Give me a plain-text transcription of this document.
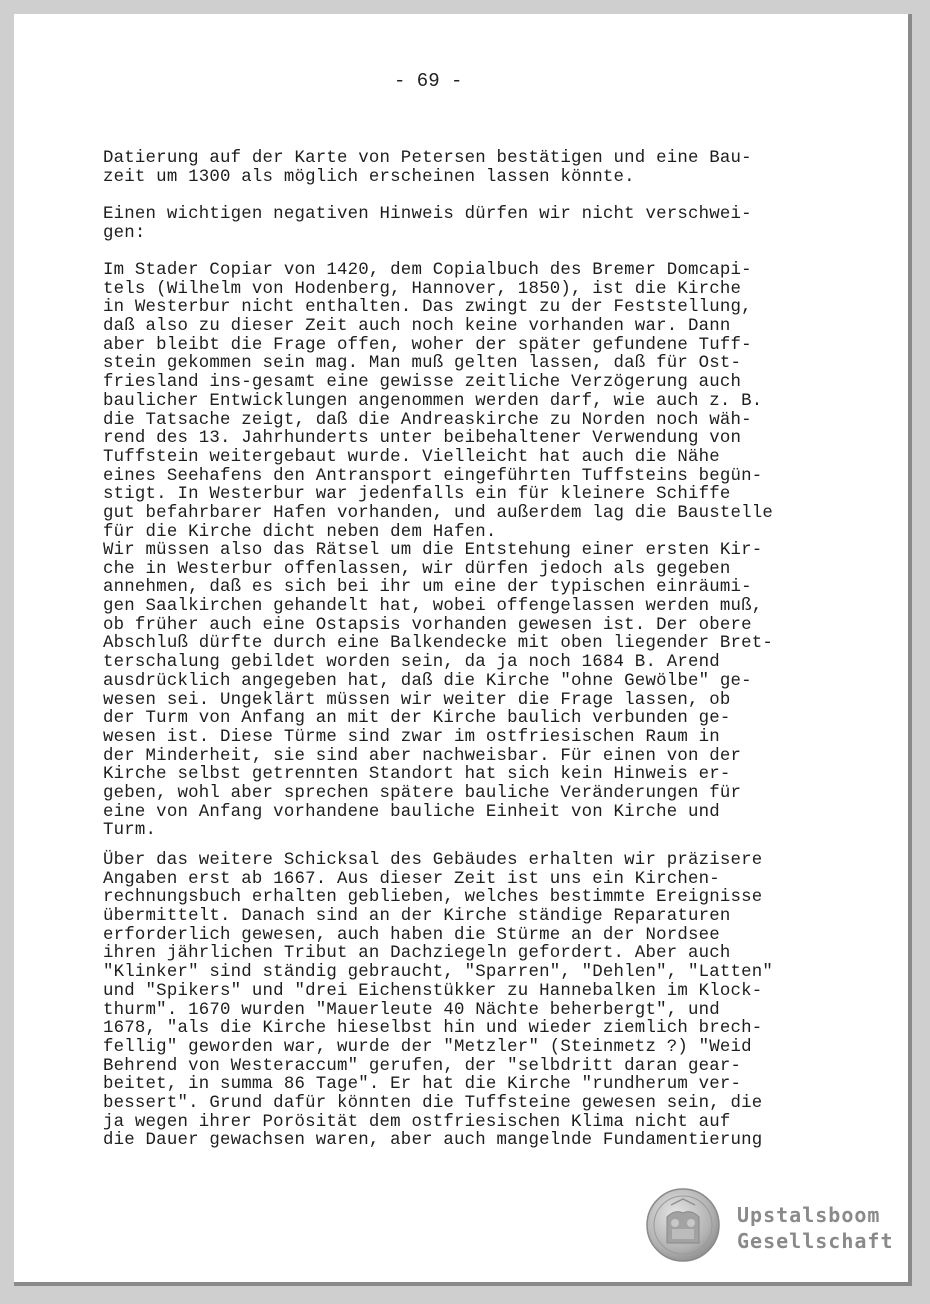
- 69 -
Datierung auf der Karte von Petersen bestätigen und eine Bau-
zeit um 1300 als möglich erscheinen lassen könnte.
Einen wichtigen negativen Hinweis dürfen wir nicht verschwei-
gen:
Im Stader Copiar von 1420, dem Copialbuch des Bremer Domcapi-
tels (Wilhelm von Hodenberg, Hannover, 1850), ist die Kirche
in Westerbur nicht enthalten. Das zwingt zu der Feststellung,
daß also zu dieser Zeit auch noch keine vorhanden war. Dann
aber bleibt die Frage offen, woher der später gefundene Tuff-
stein gekommen sein mag. Man muß gelten lassen, daß für Ost-
friesland ins-gesamt eine gewisse zeitliche Verzögerung auch
baulicher Entwicklungen angenommen werden darf, wie auch z. B.
die Tatsache zeigt, daß die Andreaskirche zu Norden noch wäh-
rend des 13. Jahrhunderts unter beibehaltener Verwendung von
Tuffstein weitergebaut wurde. Vielleicht hat auch die Nähe
eines Seehafens den Antransport eingeführten Tuffsteins begün-
stigt. In Westerbur war jedenfalls ein für kleinere Schiffe
gut befahrbarer Hafen vorhanden, und außerdem lag die Baustelle
für die Kirche dicht neben dem Hafen.
Wir müssen also das Rätsel um die Entstehung einer ersten Kir-
che in Westerbur offenlassen, wir dürfen jedoch als gegeben
annehmen, daß es sich bei ihr um eine der typischen einräumi-
gen Saalkirchen gehandelt hat, wobei offengelassen werden muß,
ob früher auch eine Ostapsis vorhanden gewesen ist. Der obere
Abschluß dürfte durch eine Balkendecke mit oben liegender Bret-
terschalung gebildet worden sein, da ja noch 1684 B. Arend
ausdrücklich angegeben hat, daß die Kirche "ohne Gewölbe" ge-
wesen sei. Ungeklärt müssen wir weiter die Frage lassen, ob
der Turm von Anfang an mit der Kirche baulich verbunden ge-
wesen ist. Diese Türme sind zwar im ostfriesischen Raum in
der Minderheit, sie sind aber nachweisbar. Für einen von der
Kirche selbst getrennten Standort hat sich kein Hinweis er-
geben, wohl aber sprechen spätere bauliche Veränderungen für
eine von Anfang vorhandene bauliche Einheit von Kirche und
Turm.
Über das weitere Schicksal des Gebäudes erhalten wir präzisere
Angaben erst ab 1667. Aus dieser Zeit ist uns ein Kirchen-
rechnungsbuch erhalten geblieben, welches bestimmte Ereignisse
übermittelt. Danach sind an der Kirche ständige Reparaturen
erforderlich gewesen, auch haben die Stürme an der Nordsee
ihren jährlichen Tribut an Dachziegeln gefordert. Aber auch
"Klinker" sind ständig gebraucht, "Sparren", "Dehlen", "Latten"
und "Spikers" und "drei Eichenstükker zu Hannebalken im Klock-
thurm". 1670 wurden "Mauerleute 40 Nächte beherbergt", und
1678, "als die Kirche hieselbst hin und wieder ziemlich brech-
fellig" geworden war, wurde der "Metzler" (Steinmetz ?) "Weid
Behrend von Westeraccum" gerufen, der "selbdritt daran gear-
beitet, in summa 86 Tage". Er hat die Kirche "rundherum ver-
bessert". Grund dafür könnten die Tuffsteine gewesen sein, die
ja wegen ihrer Porösität dem ostfriesischen Klima nicht auf
die Dauer gewachsen waren, aber auch mangelnde Fundamentierung
Upstalsboom
Gesellschaft
